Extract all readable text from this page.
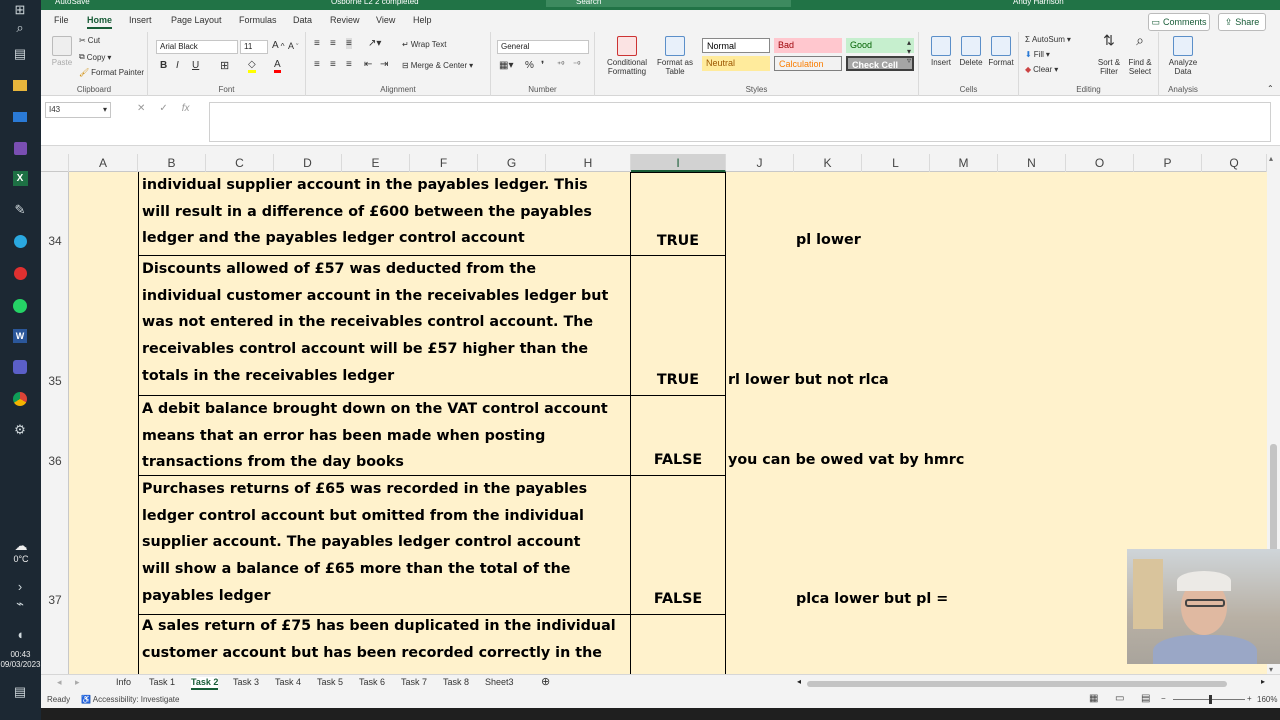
⊞
⌕
▤
X
✎
W
⚙
☁
0°C
›
⌁
◖
00:43
09/03/2023
▤
AutoSave	Osborne L2 2 completed	Search	Andy Harrison
File Home Insert Page Layout Formulas Data Review View Help	▭ Comments ⇪ Share
Paste
✂ Cut
⧉ Copy ▾
🖌 Format Painter
Clipboard
Arial Black	11	A ^ A ˇ
B I U ⊞ ◇ A
Font
≡ ≡ ≡ ↗▾	↵ Wrap Text
≡ ≡ ≡ ⇤ ⇥ ⊟ Merge & Center ▾
Alignment
General
▦▾ % ❜ ⁺⁰ ⁻⁰
Number
Conditional Formatting
Format as Table
Normal	Bad	Good
Neutral	Calculation	Check Cell
▴
▾
▿
Styles
Insert	Delete Format
Cells
Σ AutoSum ▾
⬇ Fill ▾
◆ Clear ▾
⇅
Sort & Filter
⌕
Find & Select
Editing
Analyze Data
Analysis	⌃
I43	▾	✕ ✓ fx
A	B	C	D	E	F	G	H	I	J	K	L	M	N	O	P	Q
34
35
36
37
individual supplier account in the payables ledger. This
will result in a difference of £600 between the payables
ledger and the payables ledger control account	TRUE	pl lower
Discounts allowed of £57 was deducted from the
individual customer account in the receivables ledger but
was not entered in the receivables control account. The
receivables control account will be £57 higher than the
totals in the receivables ledger	TRUE	rl lower but not rlca
A debit balance brought down on the VAT control account
means that an error has been made when posting
transactions from the day books	FALSE	you can be owed vat by hmrc
Purchases returns of £65 was recorded in the payables
ledger control account but omitted from the individual
supplier account. The payables ledger control account
will show a balance of £65 more than the total of the
payables ledger	FALSE	plca lower but pl =
A sales return of £75 has been duplicated in the individual
customer account but has been recorded correctly in the
▴
▾
◂ ▸	Info Task 1 Task 2 Task 3 Task 4 Task 5 Task 6 Task 7 Task 8 Sheet3 ⊕	◂	▸
Ready ♿ Accessibility: Investigate	▦ ▭ ▤ −	+ 160%
